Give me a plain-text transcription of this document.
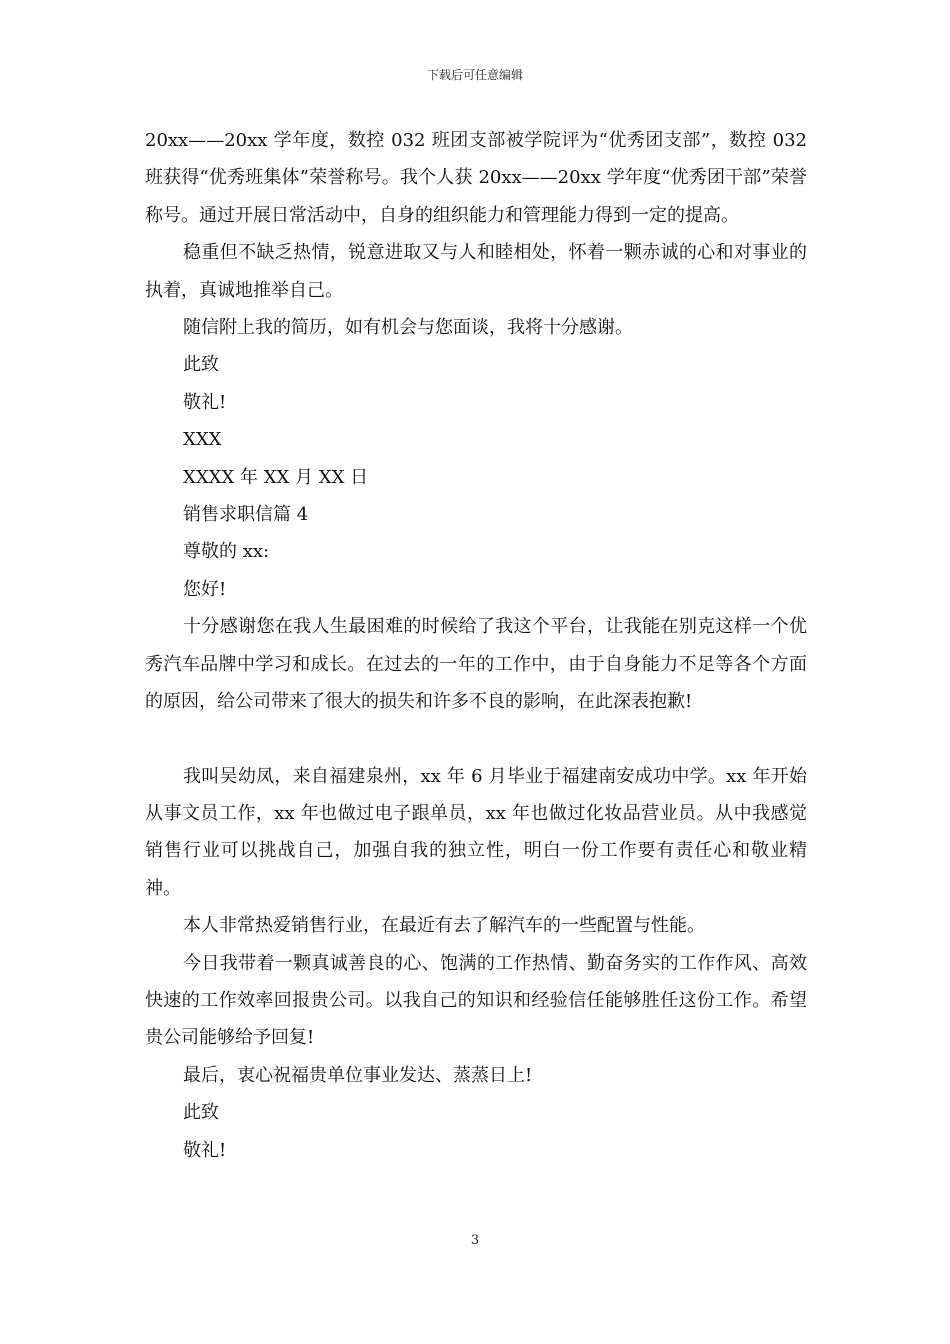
下载后可任意编辑

20xx——20xx 学年度，数控 032 班团支部被学院评为“优秀团支部”，数控 032 班获得“优秀班集体”荣誉称号。我个人获 20xx——20xx 学年度“优秀团干部”荣誉称号。通过开展日常活动中，自身的组织能力和管理能力得到一定的提高。

稳重但不缺乏热情，锐意进取又与人和睦相处，怀着一颗赤诚的心和对事业的执着，真诚地推举自己。

随信附上我的简历，如有机会与您面谈，我将十分感谢。

此致

敬礼!

XXX

XXXX 年 XX 月 XX 日

销售求职信篇 4

尊敬的 xx:

您好!

十分感谢您在我人生最困难的时候给了我这个平台，让我能在别克这样一个优秀汽车品牌中学习和成长。在过去的一年的工作中，由于自身能力不足等各个方面的原因，给公司带来了很大的损失和许多不良的影响，在此深表抱歉!

我叫吴幼凤，来自福建泉州，xx 年 6 月毕业于福建南安成功中学。xx 年开始从事文员工作，xx 年也做过电子跟单员，xx 年也做过化妆品营业员。从中我感觉销售行业可以挑战自己，加强自我的独立性，明白一份工作要有责任心和敬业精神。

本人非常热爱销售行业，在最近有去了解汽车的一些配置与性能。

今日我带着一颗真诚善良的心、饱满的工作热情、勤奋务实的工作作风、高效快速的工作效率回报贵公司。以我自己的知识和经验信任能够胜任这份工作。希望贵公司能够给予回复!

最后，衷心祝福贵单位事业发达、蒸蒸日上!

此致

敬礼!

3
